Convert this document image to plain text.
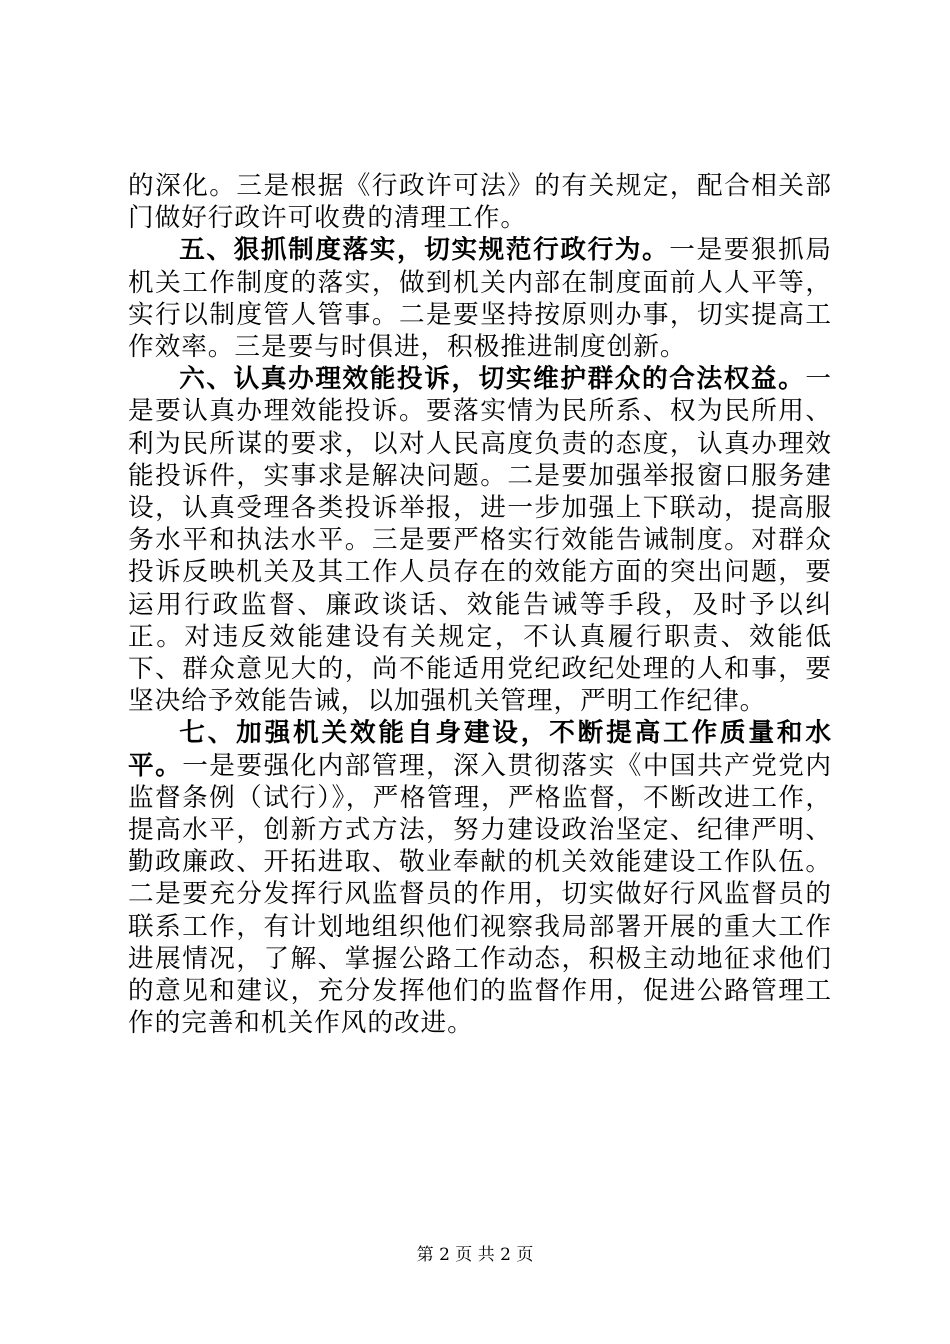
的深化。三是根据《行政许可法》的有关规定，配合相关部门做好行政许可收费的清理工作。

五、狠抓制度落实，切实规范行政行为。一是要狠抓局机关工作制度的落实，做到机关内部在制度面前人人平等，实行以制度管人管事。二是要坚持按原则办事，切实提高工作效率。三是要与时俱进，积极推进制度创新。

六、认真办理效能投诉，切实维护群众的合法权益。一是要认真办理效能投诉。要落实情为民所系、权为民所用、利为民所谋的要求，以对人民高度负责的态度，认真办理效能投诉件，实事求是解决问题。二是要加强举报窗口服务建设，认真受理各类投诉举报，进一步加强上下联动，提高服务水平和执法水平。三是要严格实行效能告诫制度。对群众投诉反映机关及其工作人员存在的效能方面的突出问题，要运用行政监督、廉政谈话、效能告诫等手段，及时予以纠正。对违反效能建设有关规定，不认真履行职责、效能低下、群众意见大的，尚不能适用党纪政纪处理的人和事，要坚决给予效能告诫，以加强机关管理，严明工作纪律。

七、加强机关效能自身建设，不断提高工作质量和水平。一是要强化内部管理，深入贯彻落实《中国共产党党内监督条例（试行）》，严格管理，严格监督，不断改进工作，提高水平，创新方式方法，努力建设政治坚定、纪律严明、勤政廉政、开拓进取、敬业奉献的机关效能建设工作队伍。二是要充分发挥行风监督员的作用，切实做好行风监督员的联系工作，有计划地组织他们视察我局部署开展的重大工作进展情况，了解、掌握公路工作动态，积极主动地征求他们的意见和建议，充分发挥他们的监督作用，促进公路管理工作的完善和机关作风的改进。

第 2 页 共 2 页
